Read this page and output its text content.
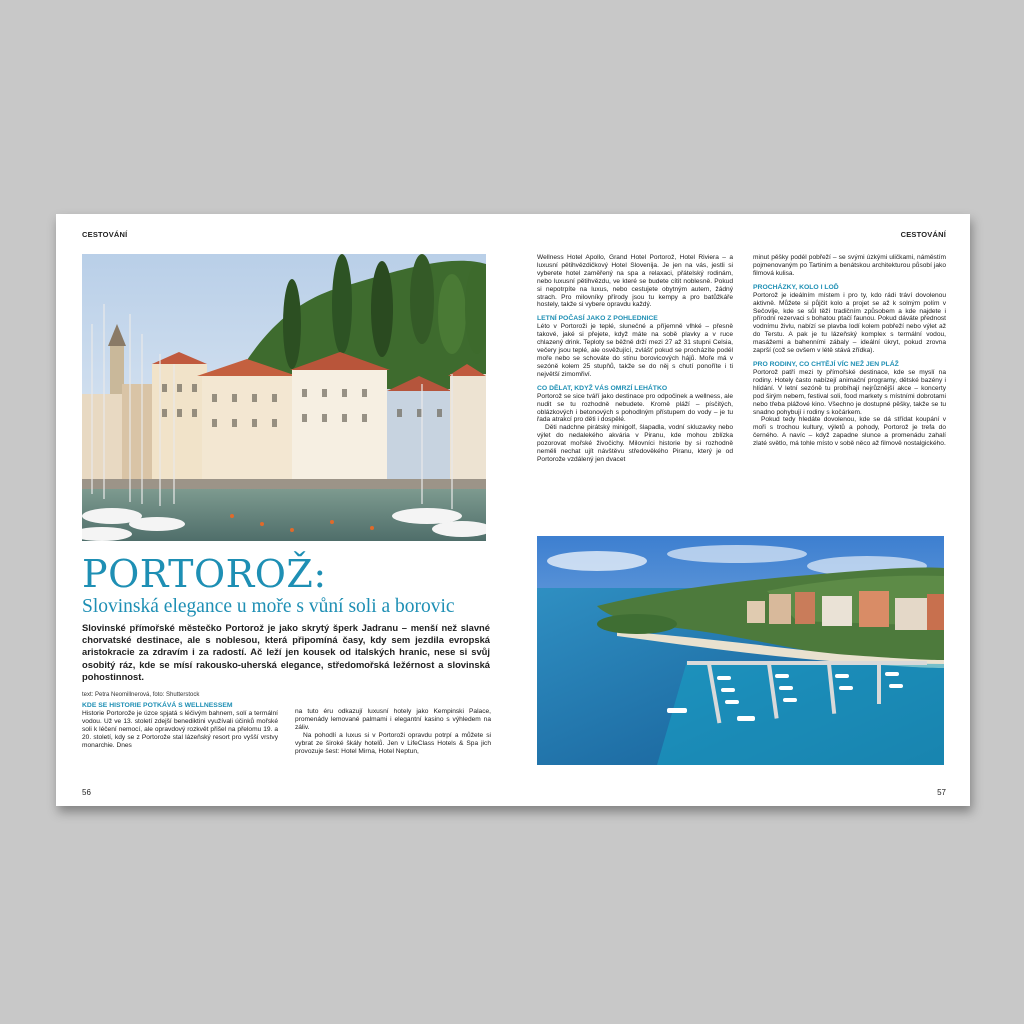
CESTOVÁNÍ
PORTOROŽ:
Slovinská elegance u moře s vůní soli a borovic
Slovinské přímořské městečko Portorož je jako skrytý šperk Jadranu – menší než slavné chorvatské destinace, ale s noblesou, která připomíná časy, kdy sem jezdila evropská aristokracie za zdravím i za radostí. Ač leží jen kousek od italských hranic, nese si svůj osobitý ráz, kde se mísí rakousko-uherská elegance, středomořská ležérnost a slovinská pohostinnost.
text: Petra Neomillnerová, foto: Shutterstock
KDE SE HISTORIE POTKÁVÁ S WELLNESSEM

Historie Portorože je úzce spjatá s léčivým bahnem, solí a termální vodou. Už ve 13. století zdejší benediktini využívali účinků mořské soli k léčení nemocí, ale opravdový rozkvět přišel na přelomu 19. a 20. století, kdy se z Portorože stal lázeňský resort pro vyšší vrstvy monarchie. Dnes

na tuto éru odkazují luxusní hotely jako Kempinski Palace, promenády lemované palmami i elegantní kasino s výhledem na záliv.

Na pohodlí a luxus si v Portoroži opravdu potrpí a můžete si vybrat ze široké škály hotelů. Jen v LifeClass Hotels & Spa jich provozuje šest: Hotel Mirna, Hotel Neptun,

56
CESTOVÁNÍ

Wellness Hotel Apollo, Grand Hotel Portorož, Hotel Riviera – a luxusní pětihvězdičkový Hotel Slovenija. Je jen na vás, jestli si vyberete hotel zaměřený na spa a relaxaci, přátelský rodinám, nebo luxusní pětihvězdu, ve které se budete cítit noblesně. Pokud si nepotrpíte na luxus, nebo cestujete obytným autem, žádný strach. Pro milovníky přírody jsou tu kempy a pro batůžkáře hostely, takže si vybere opravdu každý.

LETNÍ POČASÍ JAKO Z POHLEDNICE

Léto v Portoroži je teplé, slunečné a příjemně vlhké – přesně takové, jaké si přejete, když máte na sobě plavky a v ruce chlazený drink. Teploty se běžně drží mezi 27 až 31 stupni Celsia, večery jsou teplé, ale osvěžující, zvlášť pokud se procházíte podél moře nebo se schováte do stínu borovicových hájů. Moře má v sezóně kolem 25 stupňů, takže se do něj s chutí ponoříte i ti největší zimomřiví.

CO DĚLAT, KDYŽ VÁS OMRZÍ LEHÁTKO

Portorož se sice tváří jako destinace pro odpočinek a wellness, ale nudit se tu rozhodně nebudete. Kromě pláží – písčitých, oblázkových i betonových s pohodlným přístupem do vody – je tu řada atrakcí pro děti i dospělé.

Děti nadchne pirátský minigolf, šlapadla, vodní skluzavky nebo výlet do nedalekého akvária v Piranu, kde mohou zblízka pozorovat mořské živočichy. Milovníci historie by si rozhodně neměli nechat ujít návštěvu středověkého Piranu, který je od Portorože vzdálený jen dvacet

minut pěšky podél pobřeží – se svými úzkými uličkami, náměstím pojmenovaným po Tartinim a benátskou architekturou působí jako filmová kulisa.

PROCHÁZKY, KOLO I LOĎ

Portorož je ideálním místem i pro ty, kdo rádi tráví dovolenou aktivně. Můžete si půjčit kolo a projet se až k solným polím v Sečovlje, kde se sůl těží tradičním způsobem a kde najdete i přírodní rezervaci s bohatou ptačí faunou. Pokud dáváte přednost vodnímu živlu, nabízí se plavba lodí kolem pobřeží nebo výlet až do Terstu. A pak je tu lázeňský komplex s termální vodou, masážemi a bahenními zábaly – ideální úkryt, pokud zrovna zaprší (což se ovšem v létě stává zřídka).

PRO RODINY, CO CHTĚJÍ VÍC NEŽ JEN PLÁŽ

Portorož patří mezi ty přímořské destinace, kde se myslí na rodiny. Hotely často nabízejí animační programy, dětské bazény i hlídání. V letní sezóně tu probíhají nejrůznější akce – koncerty pod širým nebem, festival soli, food markety s místními dobrotami nebo třeba plážové kino. Všechno je dostupné pěšky, takže se tu snadno pohybují i rodiny s kočárkem.

Pokud tedy hledáte dovolenou, kde se dá střídat koupání v moři s trochou kultury, výletů a pohody, Portorož je trefa do černého. A navíc – když zapadne slunce a promenádu zahalí zlaté světlo, má tohle místo v sobě něco až filmově nostalgického.

57
